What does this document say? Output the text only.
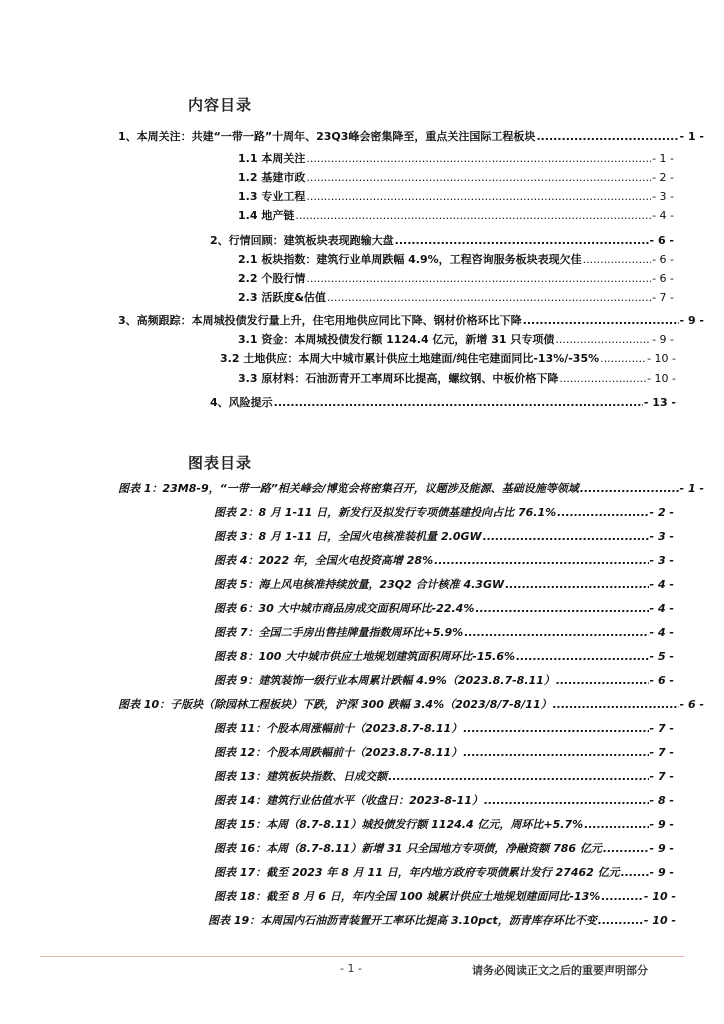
内容目录
1、本周关注：共建“一带一路”十周年、23Q3峰会密集降至，重点关注国际工程板块 .....	- 1 -
1.1 本周关注 .....	- 1 -
1.2 基建市政 .....	- 2 -
1.3 专业工程 .....	- 3 -
1.4 地产链 .....	- 4 -
2、行情回顾：建筑板块表现跑输大盘 .....	- 6 -
2.1 板块指数：建筑行业单周跌幅 4.9%，工程咨询服务板块表现欠佳 .....	- 6 -
2.2 个股行情 .....	- 6 -
2.3 活跃度&估值 .....	- 7 -
3、高频跟踪：本周城投债发行量上升，住宅用地供应同比下降、钢材价格环比下降 .....	- 9 -
3.1 资金：本周城投债发行额 1124.4 亿元，新增 31 只专项债 .....	- 9 -
3.2 土地供应：本周大中城市累计供应土地建面/纯住宅建面同比-13%/-35% .....	- 10 -
3.3 原材料：石油沥青开工率周环比提高，螺纹钢、中板价格下降 .....	- 10 -
4、风险提示 .....	- 13 -
图表目录
图表 1：23M8-9，“一带一路”相关峰会/博览会将密集召开，议题涉及能源、基础设施等领域 .....	- 1 -
图表 2：8 月 1-11 日，新发行及拟发行专项债基建投向占比 76.1% .....	- 2 -
图表 3：8 月 1-11 日，全国火电核准装机量 2.0GW .....	- 3 -
图表 4：2022 年，全国火电投资高增 28% .....	- 3 -
图表 5：海上风电核准持续放量，23Q2 合计核准 4.3GW .....	- 4 -
图表 6：30 大中城市商品房成交面积周环比-22.4% .....	- 4 -
图表 7：全国二手房出售挂牌量指数周环比+5.9% .....	- 4 -
图表 8：100 大中城市供应土地规划建筑面积周环比-15.6% .....	- 5 -
图表 9：建筑装饰一级行业本周累计跌幅 4.9%（2023.8.7-8.11） .....	- 6 -
图表 10：子版块（除园林工程板块）下跌，沪深 300 跌幅 3.4%（2023/8/7-8/11） .....	- 6 -
图表 11：个股本周涨幅前十（2023.8.7-8.11） .....	- 7 -
图表 12：个股本周跌幅前十（2023.8.7-8.11） .....	- 7 -
图表 13：建筑板块指数、日成交额 .....	- 7 -
图表 14：建筑行业估值水平（收盘日：2023-8-11） .....	- 8 -
图表 15：本周（8.7-8.11）城投债发行额 1124.4 亿元，周环比+5.7% .....	- 9 -
图表 16：本周（8.7-8.11）新增 31 只全国地方专项债，净融资额 786 亿元 .....	- 9 -
图表 17：截至 2023 年 8 月 11 日，年内地方政府专项债累计发行 27462 亿元 .....	- 9 -
图表 18：截至 8 月 6 日，年内全国 100 城累计供应土地规划建面同比-13% .....	- 10 -
图表 19：本周国内石油沥青装置开工率环比提高 3.10pct，沥青库存环比不变 .....	- 10 -
- 1 -	请务必阅读正文之后的重要声明部分
